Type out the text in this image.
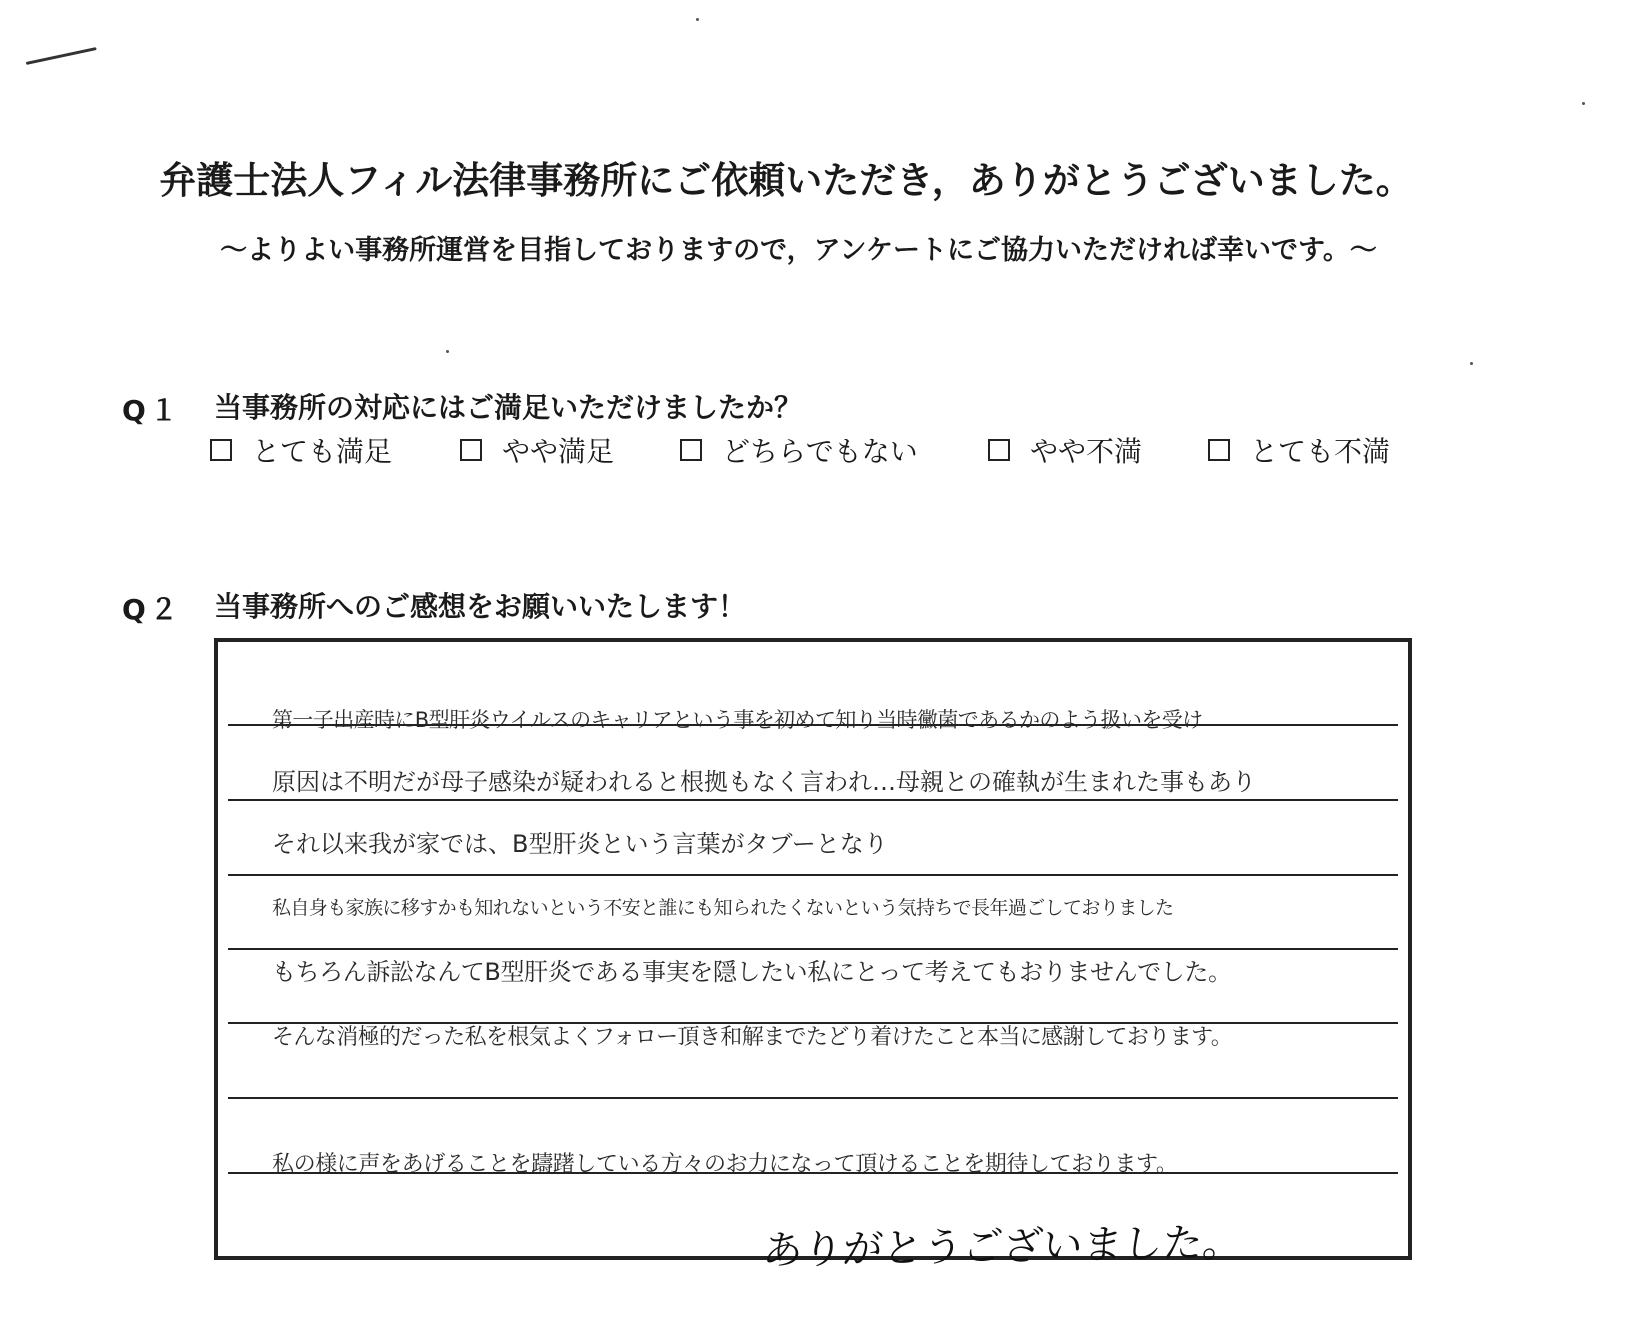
弁護士法人フィル法律事務所にご依頼いただき，ありがとうございました。
～よりよい事務所運営を目指しておりますので，アンケートにご協力いただければ幸いです。～
Q１ 当事務所の対応にはご満足いただけましたか？
とても満足	やや満足	どちらでもない	やや不満	とても不満
Q２ 当事務所へのご感想をお願いいたします！
第一子出産時にB型肝炎ウイルスのキャリアという事を初めて知り当時黴菌であるかのよう扱いを受け
原因は不明だが母子感染が疑われると根拠もなく言われ…母親との確執が生まれた事もあり
それ以来我が家では、B型肝炎という言葉がタブーとなり
私自身も家族に移すかも知れないという不安と誰にも知られたくないという気持ちで長年過ごしておりました
もちろん訴訟なんてB型肝炎である事実を隠したい私にとって考えてもおりませんでした。
そんな消極的だった私を根気よくフォロー頂き和解までたどり着けたこと本当に感謝しております。
私の様に声をあげることを躊躇している方々のお力になって頂けることを期待しております。
ありがとうございました。
